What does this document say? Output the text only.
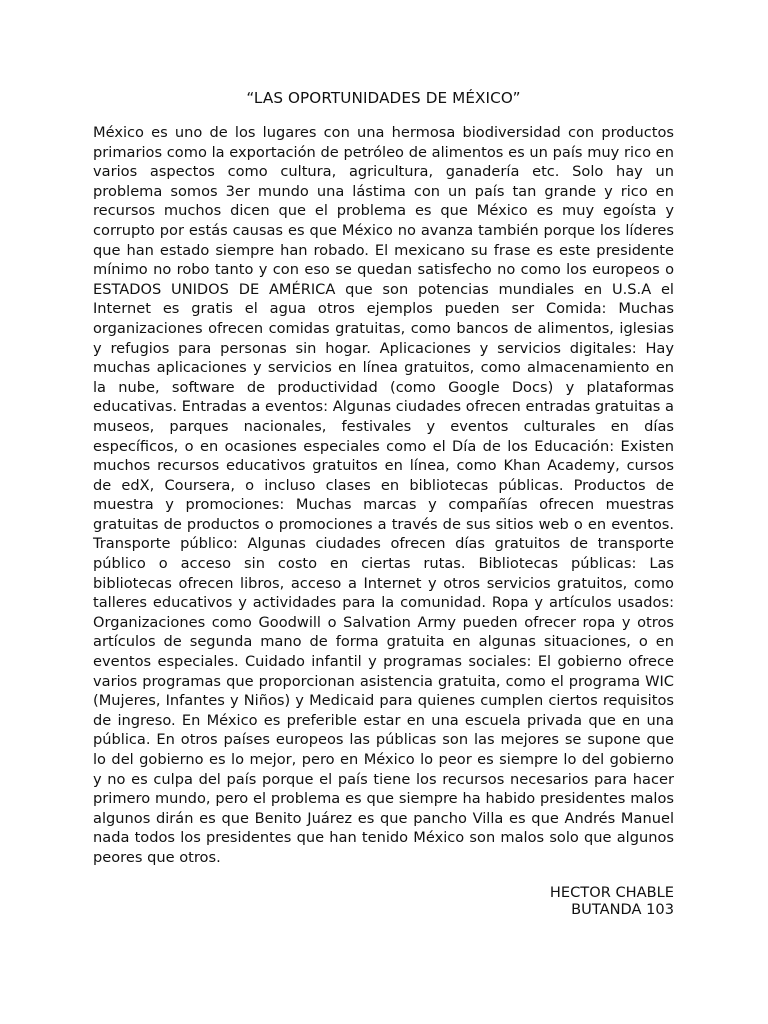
“LAS OPORTUNIDADES DE MÉXICO”

México es uno de los lugares con una hermosa biodiversidad con productos primarios como la exportación de petróleo de alimentos es un país muy rico en varios aspectos como cultura, agricultura, ganadería etc. Solo hay un problema somos 3er mundo una lástima con un país tan grande y rico en recursos muchos dicen que el problema es que México es muy egoísta y corrupto por estás causas es que México no avanza también porque los líderes que han estado siempre han robado. El mexicano su frase es este presidente mínimo no robo tanto y con eso se quedan satisfecho no como los europeos o ESTADOS UNIDOS DE AMÉRICA que son potencias mundiales en U.S.A el Internet es gratis el agua otros ejemplos pueden ser Comida: Muchas organizaciones ofrecen comidas gratuitas, como bancos de alimentos, iglesias y refugios para personas sin hogar. Aplicaciones y servicios digitales: Hay muchas aplicaciones y servicios en línea gratuitos, como almacenamiento en la nube, software de productividad (como Google Docs) y plataformas educativas. Entradas a eventos: Algunas ciudades ofrecen entradas gratuitas a museos, parques nacionales, festivales y eventos culturales en días específicos, o en ocasiones especiales como el Día de los Educación: Existen muchos recursos educativos gratuitos en línea, como Khan Academy, cursos de edX, Coursera, o incluso clases en bibliotecas públicas. Productos de muestra y promociones: Muchas marcas y compañías ofrecen muestras gratuitas de productos o promociones a través de sus sitios web o en eventos. Transporte público: Algunas ciudades ofrecen días gratuitos de transporte público o acceso sin costo en ciertas rutas. Bibliotecas públicas: Las bibliotecas ofrecen libros, acceso a Internet y otros servicios gratuitos, como talleres educativos y actividades para la comunidad. Ropa y artículos usados: Organizaciones como Goodwill o Salvation Army pueden ofrecer ropa y otros artículos de segunda mano de forma gratuita en algunas situaciones, o en eventos especiales. Cuidado infantil y programas sociales: El gobierno ofrece varios programas que proporcionan asistencia gratuita, como el programa WIC (Mujeres, Infantes y Niños) y Medicaid para quienes cumplen ciertos requisitos de ingreso. En México es preferible estar en una escuela privada que en una pública. En otros países europeos las públicas son las mejores se supone que lo del gobierno es lo mejor, pero en México lo peor es siempre lo del gobierno y no es culpa del país porque el país tiene los recursos necesarios para hacer primero mundo, pero el problema es que siempre ha habido presidentes malos algunos dirán es que Benito Juárez es que pancho Villa es que Andrés Manuel nada todos los presidentes que han tenido México son malos solo que algunos peores que otros.

HECTOR CHABLE
BUTANDA 103
